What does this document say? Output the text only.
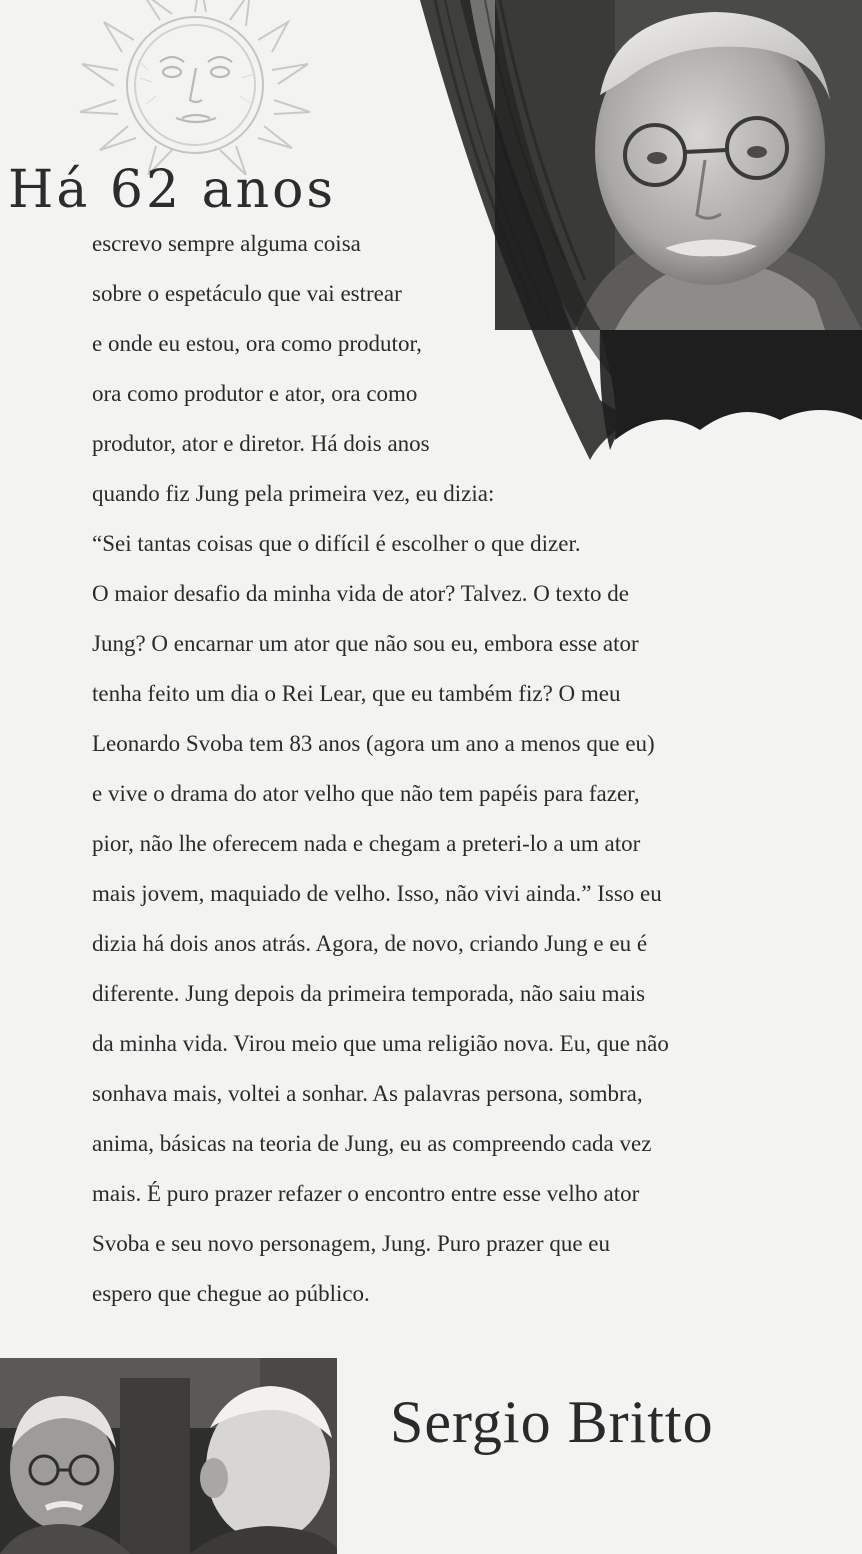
Há 62 anos
escrevo sempre alguma coisa
sobre o espetáculo que vai estrear
e onde eu estou, ora como produtor,
ora como produtor e ator, ora como
produtor, ator e diretor. Há dois anos
quando fiz Jung pela primeira vez, eu dizia:
“Sei tantas coisas que o difícil é escolher o que dizer.
O maior desafio da minha vida de ator? Talvez. O texto de
Jung? O encarnar um ator que não sou eu, embora esse ator
tenha feito um dia o Rei Lear, que eu também fiz? O meu
Leonardo Svoba tem 83 anos (agora um ano a menos que eu)
e vive o drama do ator velho que não tem papéis para fazer,
pior, não lhe oferecem nada e chegam a preteri-lo a um ator
mais jovem, maquiado de velho. Isso, não vivi ainda.” Isso eu
dizia há dois anos atrás. Agora, de novo, criando Jung e eu é
diferente. Jung depois da primeira temporada, não saiu mais
da minha vida. Virou meio que uma religião nova. Eu, que não
sonhava mais, voltei a sonhar. As palavras persona, sombra,
anima, básicas na teoria de Jung, eu as compreendo cada vez
mais. É puro prazer refazer o encontro entre esse velho ator
Svoba e seu novo personagem, Jung. Puro prazer que eu
espero que chegue ao público.
Sergio Britto
